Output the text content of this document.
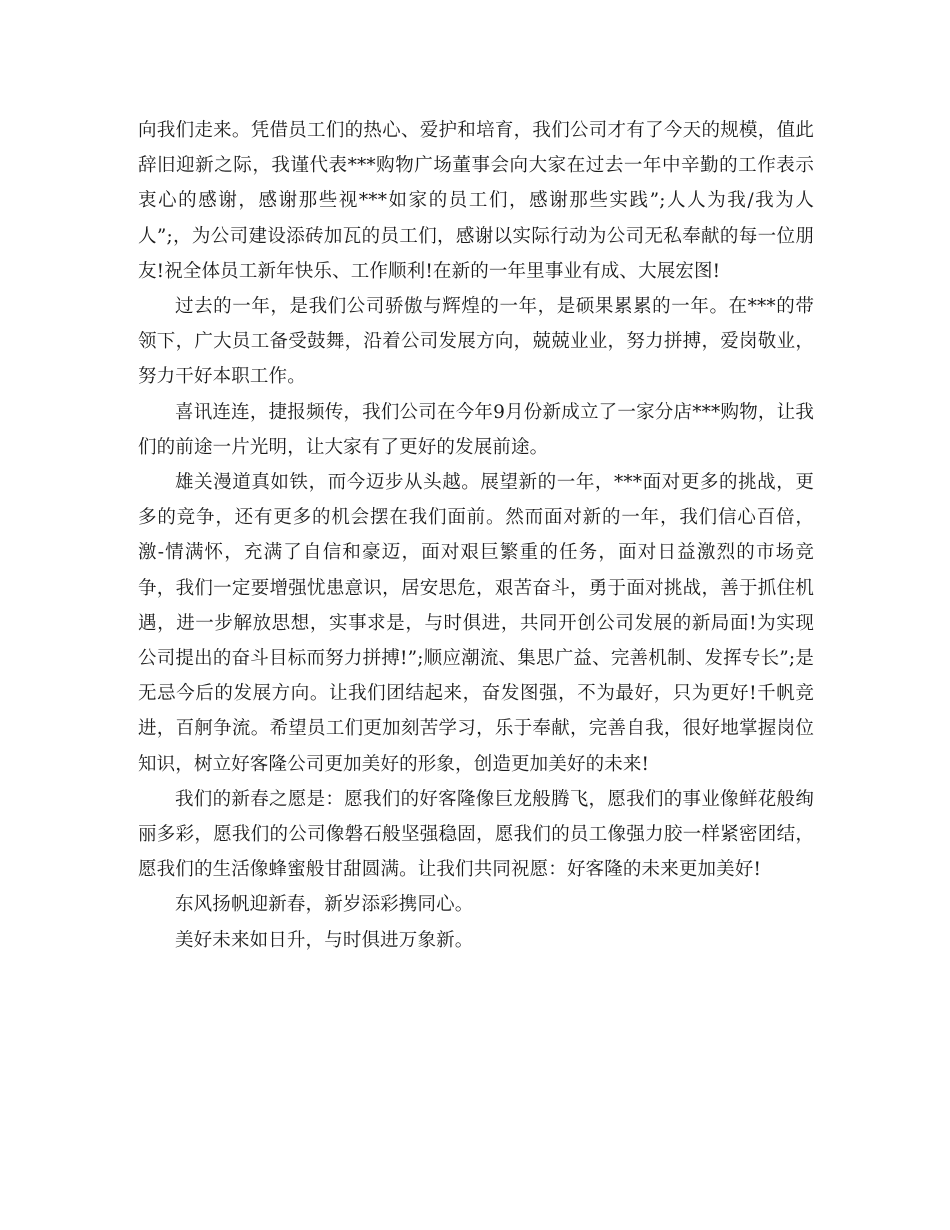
向我们走来。凭借员工们的热心、爱护和培育，我们公司才有了今天的规模，值此辞旧迎新之际，我谨代表***购物广场董事会向大家在过去一年中辛勤的工作表示衷心的感谢，感谢那些视***如家的员工们，感谢那些实践”;人人为我/我为人人”;，为公司建设添砖加瓦的员工们，感谢以实际行动为公司无私奉献的每一位朋友!祝全体员工新年快乐、工作顺利!在新的一年里事业有成、大展宏图!

过去的一年，是我们公司骄傲与辉煌的一年，是硕果累累的一年。在***的带领下，广大员工备受鼓舞，沿着公司发展方向，兢兢业业，努力拼搏，爱岗敬业，努力干好本职工作。

喜讯连连，捷报频传，我们公司在今年9月份新成立了一家分店***购物，让我们的前途一片光明，让大家有了更好的发展前途。

雄关漫道真如铁，而今迈步从头越。展望新的一年，***面对更多的挑战，更多的竞争，还有更多的机会摆在我们面前。然而面对新的一年，我们信心百倍，激-情满怀，充满了自信和豪迈，面对艰巨繁重的任务，面对日益激烈的市场竞争，我们一定要增强忧患意识，居安思危，艰苦奋斗，勇于面对挑战，善于抓住机遇，进一步解放思想，实事求是，与时俱进，共同开创公司发展的新局面!为实现公司提出的奋斗目标而努力拼搏!”;顺应潮流、集思广益、完善机制、发挥专长”;是无忌今后的发展方向。让我们团结起来，奋发图强，不为最好，只为更好!千帆竞进，百舸争流。希望员工们更加刻苦学习，乐于奉献，完善自我，很好地掌握岗位知识，树立好客隆公司更加美好的形象，创造更加美好的未来!

我们的新春之愿是：愿我们的好客隆像巨龙般腾飞，愿我们的事业像鲜花般绚丽多彩，愿我们的公司像磐石般坚强稳固，愿我们的员工像强力胶一样紧密团结，愿我们的生活像蜂蜜般甘甜圆满。让我们共同祝愿：好客隆的未来更加美好!

东风扬帆迎新春，新岁添彩携同心。

美好未来如日升，与时俱进万象新。
